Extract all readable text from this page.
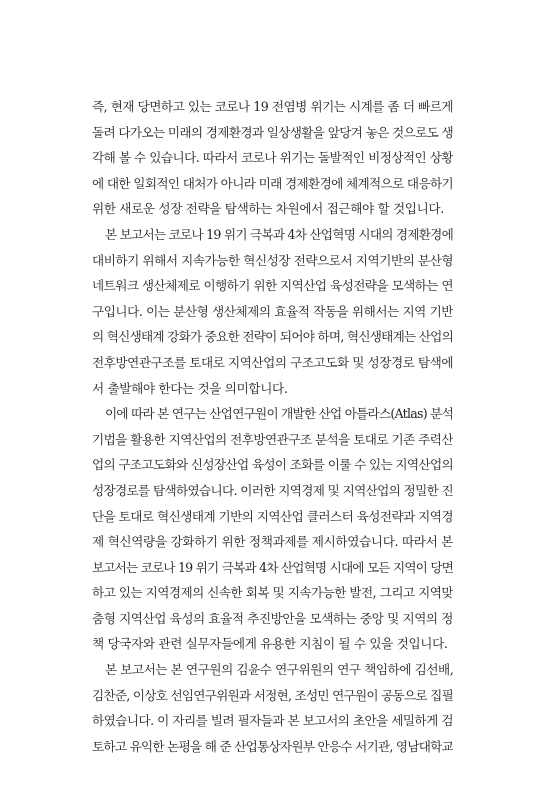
즉, 현재 당면하고 있는 코로나 19 전염병 위기는 시계를 좀 더 빠르게
돌려 다가오는 미래의 경제환경과 일상생활을 앞당겨 놓은 것으로도 생
각해 볼 수 있습니다. 따라서 코로나 위기는 돌발적인 비정상적인 상황
에 대한 일회적인 대처가 아니라 미래 경제환경에 체계적으로 대응하기
위한 새로운 성장 전략을 탐색하는 차원에서 접근해야 할 것입니다.
본 보고서는 코로나 19 위기 극복과 4차 산업혁명 시대의 경제환경에
대비하기 위해서 지속가능한 혁신성장 전략으로서 지역기반의 분산형
네트워크 생산체제로 이행하기 위한 지역산업 육성전략을 모색하는 연
구입니다. 이는 분산형 생산체제의 효율적 작동을 위해서는 지역 기반
의 혁신생태계 강화가 중요한 전략이 되어야 하며, 혁신생태계는 산업의
전후방연관구조를 토대로 지역산업의 구조고도화 및 성장경로 탐색에
서 출발해야 한다는 것을 의미합니다.
이에 따라 본 연구는 산업연구원이 개발한 산업 아틀라스(Atlas) 분석
기법을 활용한 지역산업의 전후방연관구조 분석을 토대로 기존 주력산
업의 구조고도화와 신성장산업 육성이 조화를 이룰 수 있는 지역산업의
성장경로를 탐색하였습니다. 이러한 지역경제 및 지역산업의 정밀한 진
단을 토대로 혁신생태계 기반의 지역산업 클러스터 육성전략과 지역경
제 혁신역량을 강화하기 위한 정책과제를 제시하였습니다. 따라서 본
보고서는 코로나 19 위기 극복과 4차 산업혁명 시대에 모든 지역이 당면
하고 있는 지역경제의 신속한 회복 및 지속가능한 발전, 그리고 지역맞
춤형 지역산업 육성의 효율적 추진방안을 모색하는 중앙 및 지역의 정
책 당국자와 관련 실무자들에게 유용한 지침이 될 수 있을 것입니다.
본 보고서는 본 연구원의 김윤수 연구위원의 연구 책임하에 김선배,
김찬준, 이상호 선임연구위원과 서정현, 조성민 연구원이 공동으로 집필
하였습니다. 이 자리를 빌려 필자들과 본 보고서의 초안을 세밀하게 검
토하고 유익한 논평을 해 준 산업통상자원부 안응수 서기관, 영남대학교
